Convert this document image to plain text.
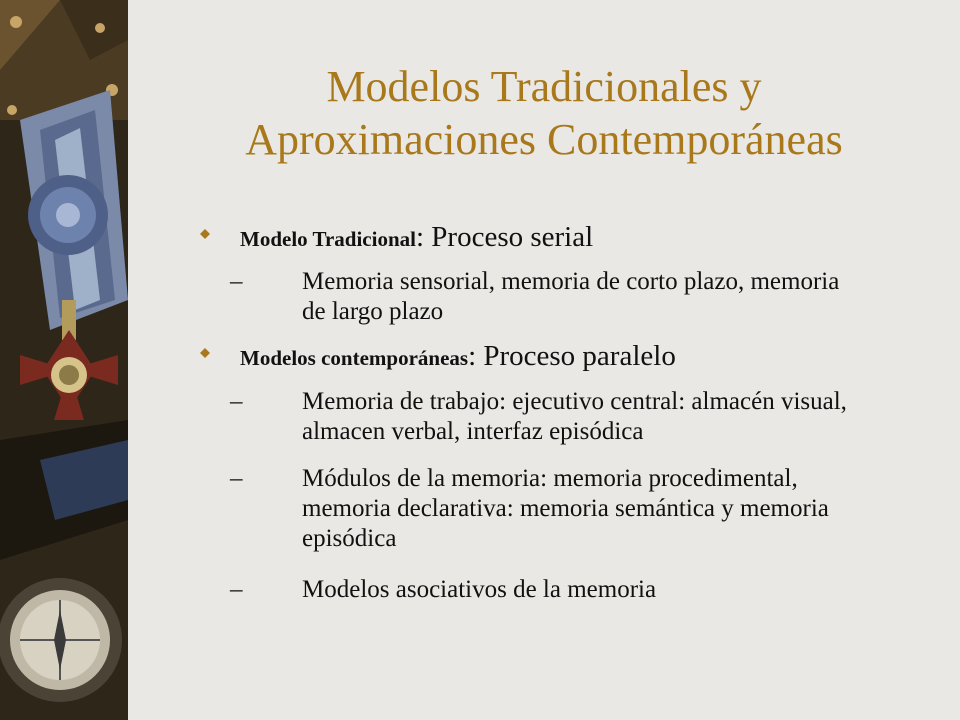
Modelos Tradicionales y
Aproximaciones Contemporáneas
Modelo Tradicional: Proceso serial
– Memoria sensorial, memoria de corto plazo, memoria
de largo plazo
Modelos contemporáneas: Proceso paralelo
– Memoria de trabajo: ejecutivo central: almacén visual,
almacen verbal, interfaz episódica
– Módulos de la memoria: memoria procedimental,
memoria declarativa: memoria semántica y memoria
episódica
– Modelos asociativos de la memoria
